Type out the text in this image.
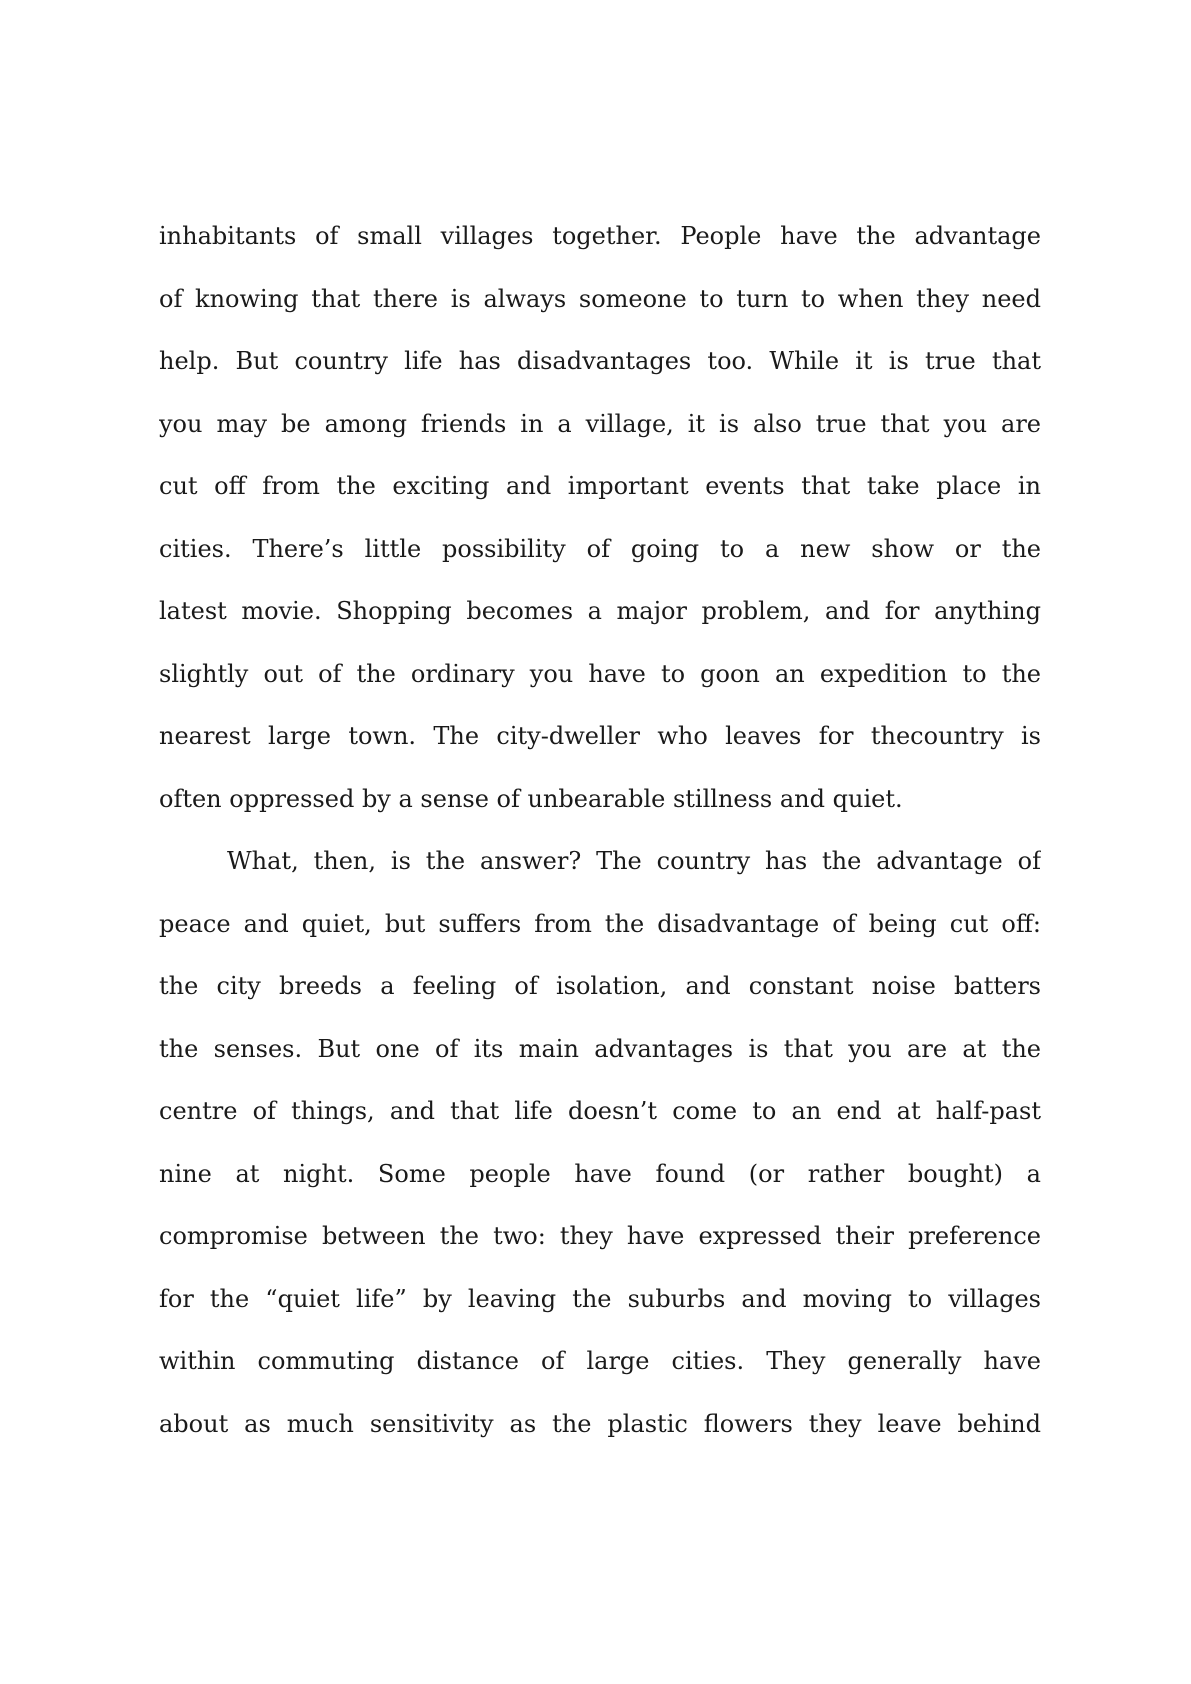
inhabitants of small villages together. People have the advantage
of knowing that there is always someone to turn to when they need
help. But country life has disadvantages too. While it is true that
you may be among friends in a village, it is also true that you are
cut off from the exciting and important events that take place in
cities. There’s little possibility of going to a new show or the
latest movie. Shopping becomes a major problem, and for anything
slightly out of the ordinary you have to goon an expedition to the
nearest large town. The city-dweller who leaves for thecountry is
often oppressed by a sense of unbearable stillness and quiet.
What, then, is the answer? The country has the advantage of
peace and quiet, but suffers from the disadvantage of being cut off:
the city breeds a feeling of isolation, and constant noise batters
the senses. But one of its main advantages is that you are at the
centre of things, and that life doesn’t come to an end at half-past
nine at night. Some people have found (or rather bought) a
compromise between the two: they have expressed their preference
for the “quiet life” by leaving the suburbs and moving to villages
within commuting distance of large cities. They generally have
about as much sensitivity as the plastic flowers they leave behind
